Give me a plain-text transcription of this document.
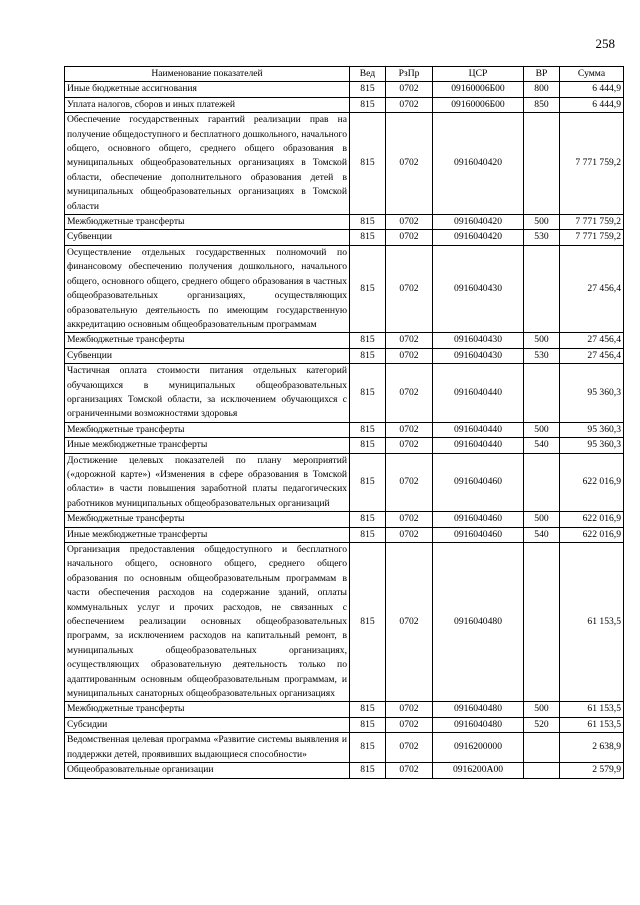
258
Наименование показателей	Вед	РзПр	ЦСР	ВР	Сумма
Иные бюджетные ассигнования	815	0702	09160006Б00	800	6 444,9
Уплата налогов, сборов и иных платежей	815	0702	09160006Б00	850	6 444,9
Обеспечение государственных гарантий реализации прав на получение общедоступного и бесплатного дошкольного, начального общего, основного общего, среднего общего образования в муниципальных общеобразовательных организациях в Томской области, обеспечение дополнительного образования детей в муниципальных общеобразовательных организациях в Томской области	815	0702	0916040420		7 771 759,2
Межбюджетные трансферты	815	0702	0916040420	500	7 771 759,2
Субвенции	815	0702	0916040420	530	7 771 759,2
Осуществление отдельных государственных полномочий по финансовому обеспечению получения дошкольного, начального общего, основного общего, среднего общего образования в частных общеобразовательных организациях, осуществляющих образовательную деятельность по имеющим государственную аккредитацию основным общеобразовательным программам	815	0702	0916040430		27 456,4
Межбюджетные трансферты	815	0702	0916040430	500	27 456,4
Субвенции	815	0702	0916040430	530	27 456,4
Частичная оплата стоимости питания отдельных категорий обучающихся в муниципальных общеобразовательных организациях Томской области, за исключением обучающихся с ограниченными возможностями здоровья	815	0702	0916040440		95 360,3
Межбюджетные трансферты	815	0702	0916040440	500	95 360,3
Иные межбюджетные трансферты	815	0702	0916040440	540	95 360,3
Достижение целевых показателей по плану мероприятий («дорожной карте») «Изменения в сфере образования в Томской области» в части повышения заработной платы педагогических работников муниципальных общеобразовательных организаций	815	0702	0916040460		622 016,9
Межбюджетные трансферты	815	0702	0916040460	500	622 016,9
Иные межбюджетные трансферты	815	0702	0916040460	540	622 016,9
Организация предоставления общедоступного и бесплатного начального общего, основного общего, среднего общего образования по основным общеобразовательным программам в части обеспечения расходов на содержание зданий, оплаты коммунальных услуг и прочих расходов, не связанных с обеспечением реализации основных общеобразовательных программ, за исключением расходов на капитальный ремонт, в муниципальных общеобразовательных организациях, осуществляющих образовательную деятельность только по адаптированным основным общеобразовательным программам, и муниципальных санаторных общеобразовательных организациях	815	0702	0916040480		61 153,5
Межбюджетные трансферты	815	0702	0916040480	500	61 153,5
Субсидии	815	0702	0916040480	520	61 153,5
Ведомственная целевая программа «Развитие системы выявления и поддержки детей, проявивших выдающиеся способности»	815	0702	0916200000		2 638,9
Общеобразовательные организации	815	0702	0916200А00		2 579,9
